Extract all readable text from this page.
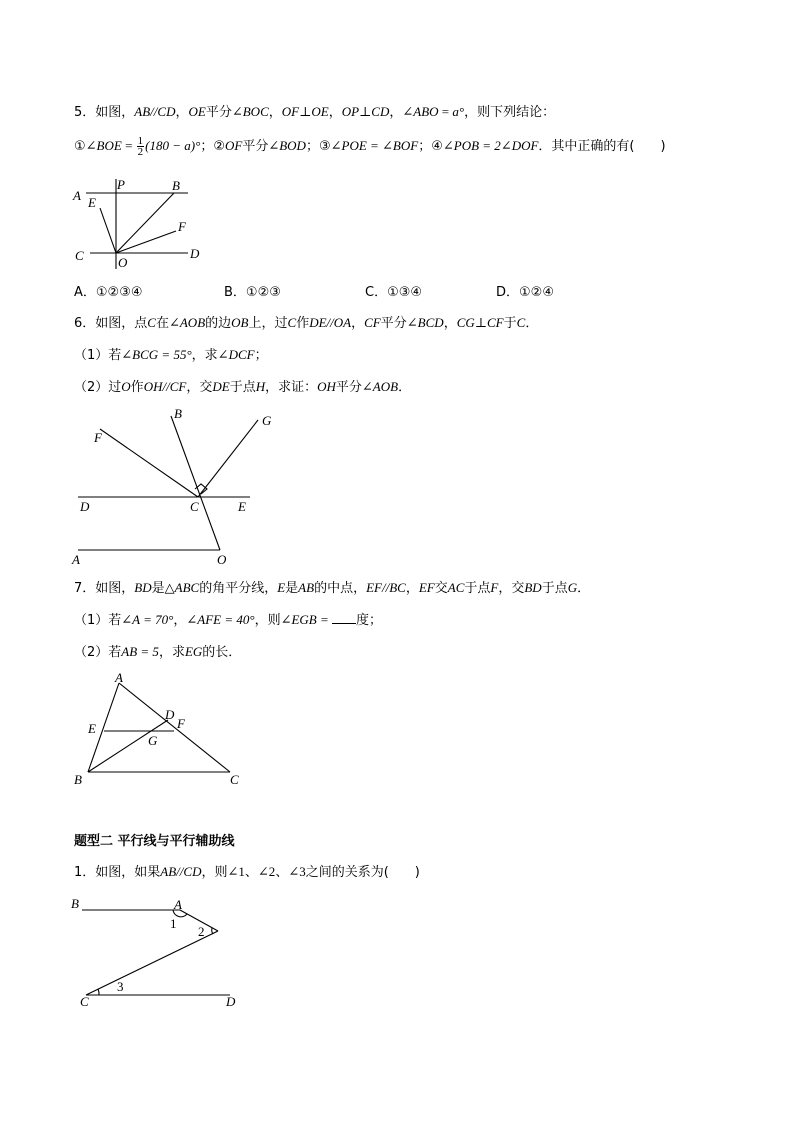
5．如图，AB//CD，OE平分∠BOC，OF⊥OE，OP⊥CD，∠ABO = a°，则下列结论：
①∠BOE = $\frac{1}{2} (180 - a)^\circ$；②OF平分∠BOD；③∠POE = ∠BOF；④∠POB = 2∠DOF．其中正确的有(　　)
A
P	B
E
F
C	D
O
A．①②③④	B．①②③	C．①③④	D．①②④
6．如图，点C在∠AOB的边OB上，过C作DE//OA，CF平分∠BCD，CG⊥CF于C．
（1）若∠BCG = 55°，求∠DCF；
（2）过O作OH//CF，交DE于点H，求证：OH平分∠AOB．
B	G
F
D	C	E
A	O
7．如图，BD是△ABC的角平分线，E是AB的中点，EF//BC，EF交AC于点F，交BD于点G．
（1）若∠A = 70°，∠AFE = 40°，则∠EGB = 度；
（2）若AB = 5，求EG的长．
A
E
D
F
G
B	C
题型二 平行线与平行辅助线
1．如图，如果AB//CD，则∠1、∠2、∠3之间的关系为(　　)
B	A
1
2
C
3
D
